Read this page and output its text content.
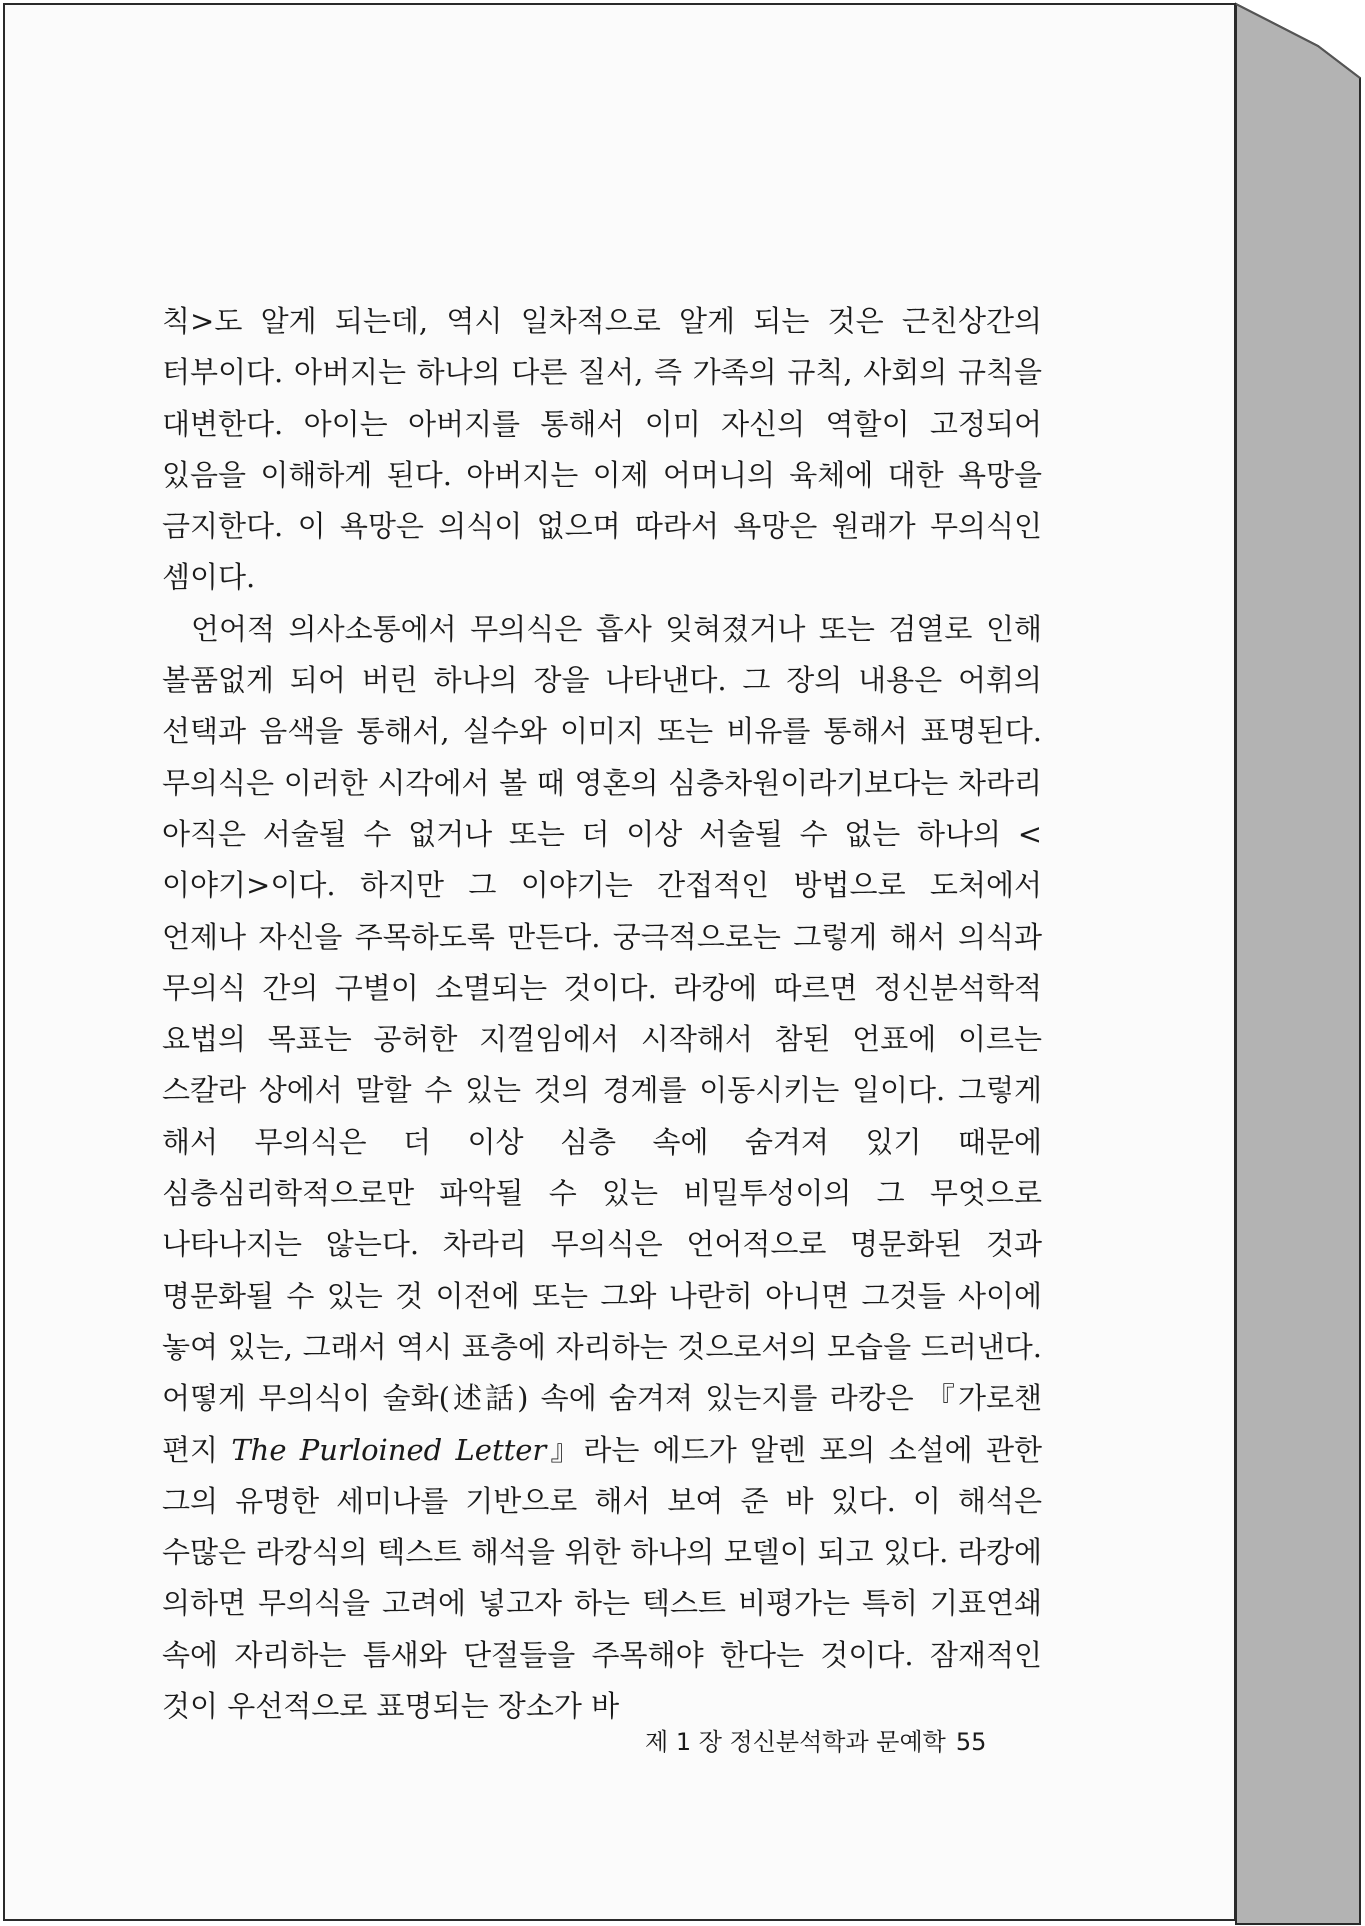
칙>도 알게 되는데, 역시 일차적으로 알게 되는 것은 근친상간의 터부이다. 아버지는 하나의 다른 질서, 즉 가족의 규칙, 사회의 규칙을 대변한다. 아이는 아버지를 통해서 이미 자신의 역할이 고정되어 있음을 이해하게 된다. 아버지는 이제 어머니의 육체에 대한 욕망을 금지한다. 이 욕망은 의식이 없으며 따라서 욕망은 원래가 무의식인 셈이다.

언어적 의사소통에서 무의식은 흡사 잊혀졌거나 또는 검열로 인해 볼품없게 되어 버린 하나의 장을 나타낸다. 그 장의 내용은 어휘의 선택과 음색을 통해서, 실수와 이미지 또는 비유를 통해서 표명된다. 무의식은 이러한 시각에서 볼 때 영혼의 심층차원이라기보다는 차라리 아직은 서술될 수 없거나 또는 더 이상 서술될 수 없는 하나의 <이야기>이다. 하지만 그 이야기는 간접적인 방법으로 도처에서 언제나 자신을 주목하도록 만든다. 궁극적으로는 그렇게 해서 의식과 무의식 간의 구별이 소멸되는 것이다. 라캉에 따르면 정신분석학적 요법의 목표는 공허한 지껄임에서 시작해서 참된 언표에 이르는 스칼라 상에서 말할 수 있는 것의 경계를 이동시키는 일이다. 그렇게 해서 무의식은 더 이상 심층 속에 숨겨져 있기 때문에 심층심리학적으로만 파악될 수 있는 비밀투성이의 그 무엇으로 나타나지는 않는다. 차라리 무의식은 언어적으로 명문화된 것과 명문화될 수 있는 것 이전에 또는 그와 나란히 아니면 그것들 사이에 놓여 있는, 그래서 역시 표층에 자리하는 것으로서의 모습을 드러낸다. 어떻게 무의식이 술화(述話) 속에 숨겨져 있는지를 라캉은 『가로챈 편지 The Purloined Letter』라는 에드가 알렌 포의 소설에 관한 그의 유명한 세미나를 기반으로 해서 보여 준 바 있다. 이 해석은 수많은 라캉식의 텍스트 해석을 위한 하나의 모델이 되고 있다. 라캉에 의하면 무의식을 고려에 넣고자 하는 텍스트 비평가는 특히 기표연쇄 속에 자리하는 틈새와 단절들을 주목해야 한다는 것이다. 잠재적인 것이 우선적으로 표명되는 장소가 바

제 1 장 정신분석학과 문예학 55
